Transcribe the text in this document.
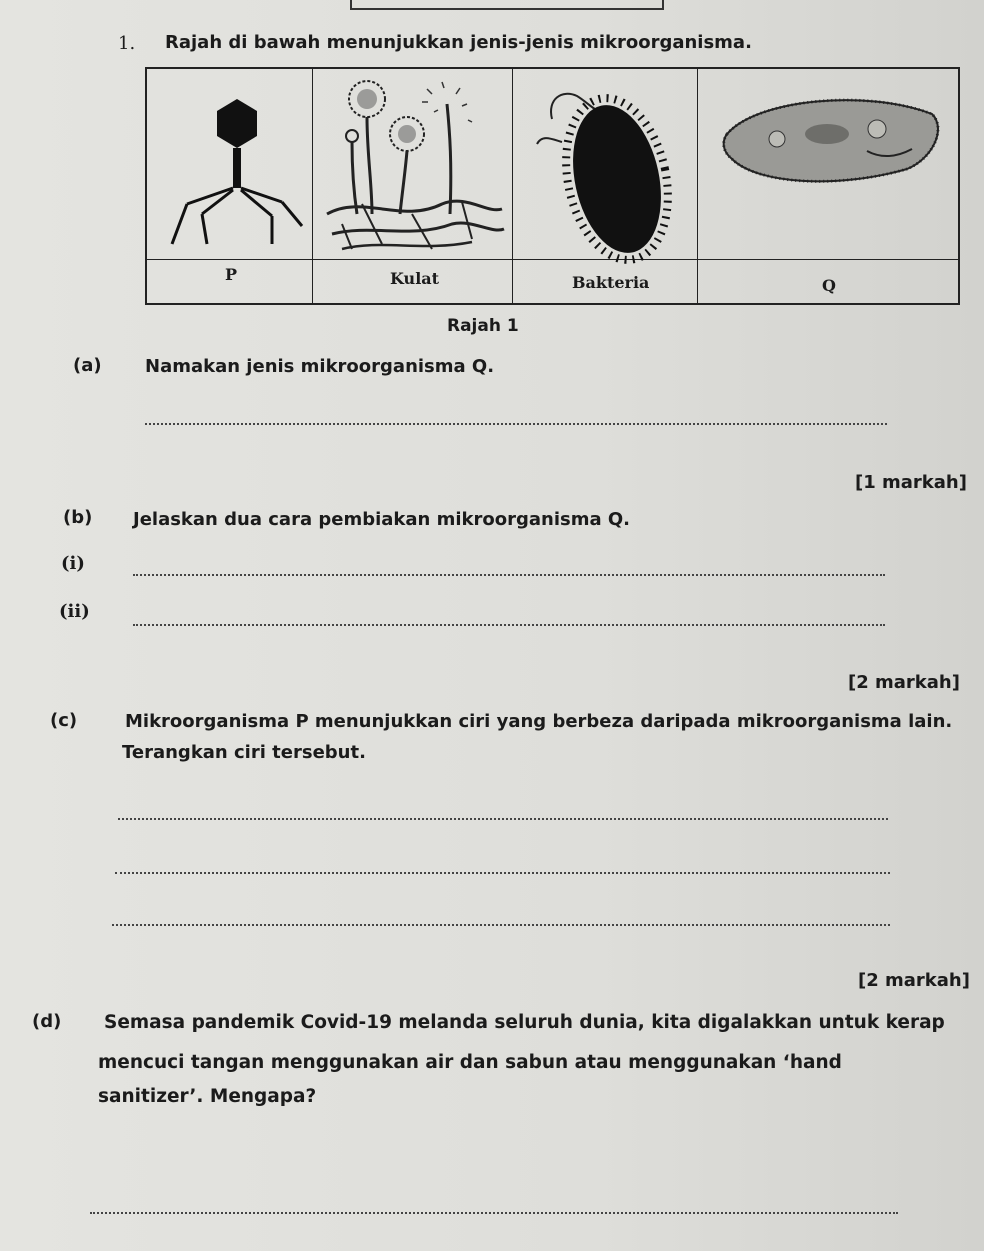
1. Rajah di bawah menunjukkan jenis-jenis mikroorganisma.
P	Kulat	Bakteria	Q
Rajah 1
(a) Namakan jenis mikroorganisma Q.
[1 markah]
(b) Jelaskan dua cara pembiakan mikroorganisma Q.
(i)
(ii)
[2 markah]
(c)	Mikroorganisma P menunjukkan ciri yang berbeza daripada mikroorganisma lain.
Terangkan ciri tersebut.
[2 markah]
(d) Semasa pandemik Covid-19 melanda seluruh dunia, kita digalakkan untuk kerap
mencuci tangan menggunakan air dan sabun atau menggunakan ‘hand
sanitizer’. Mengapa?
